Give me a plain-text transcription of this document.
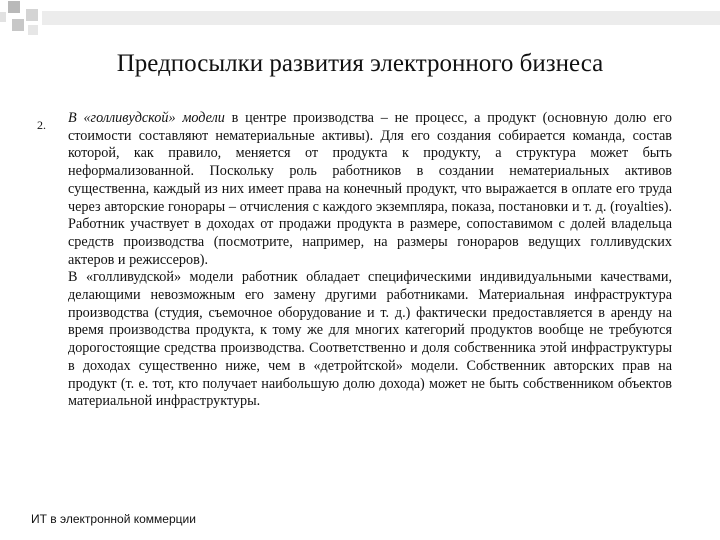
Предпосылки развития электронного бизнеса
2. В «голливудской» модели в центре производства – не процесс, а продукт (основную долю его стоимости составляют нематериальные активы). Для его создания собирается команда, состав которой, как правило, меняется от продукта к продукту, а структура может быть неформализованной. Поскольку роль работников в создании нематериальных активов существенна, каждый из них имеет права на конечный продукт, что выражается в оплате его труда через авторские гонорары – отчисления с каждого экземпляра, показа, постановки и т. д. (royalties). Работник участвует в доходах от продажи продукта в размере, сопоставимом с долей владельца средств производства (посмотрите, например, на размеры гонораров ведущих голливудских актеров и режиссеров).

В «голливудской» модели работник обладает специфическими индивидуальными качествами, делающими невозможным его замену другими работниками. Материальная инфраструктура производства (студия, съемочное оборудование и т. д.) фактически предоставляется в аренду на время производства продукта, к тому же для многих категорий продуктов вообще не требуются дорогостоящие средства производства. Соответственно и доля собственника этой инфраструктуры в доходах существенно ниже, чем в «детройтской» модели. Собственник авторских прав на продукт (т. е. тот, кто получает наибольшую долю дохода) может не быть собственником объектов материальной инфраструктуры.

ИТ в электронной коммерции
